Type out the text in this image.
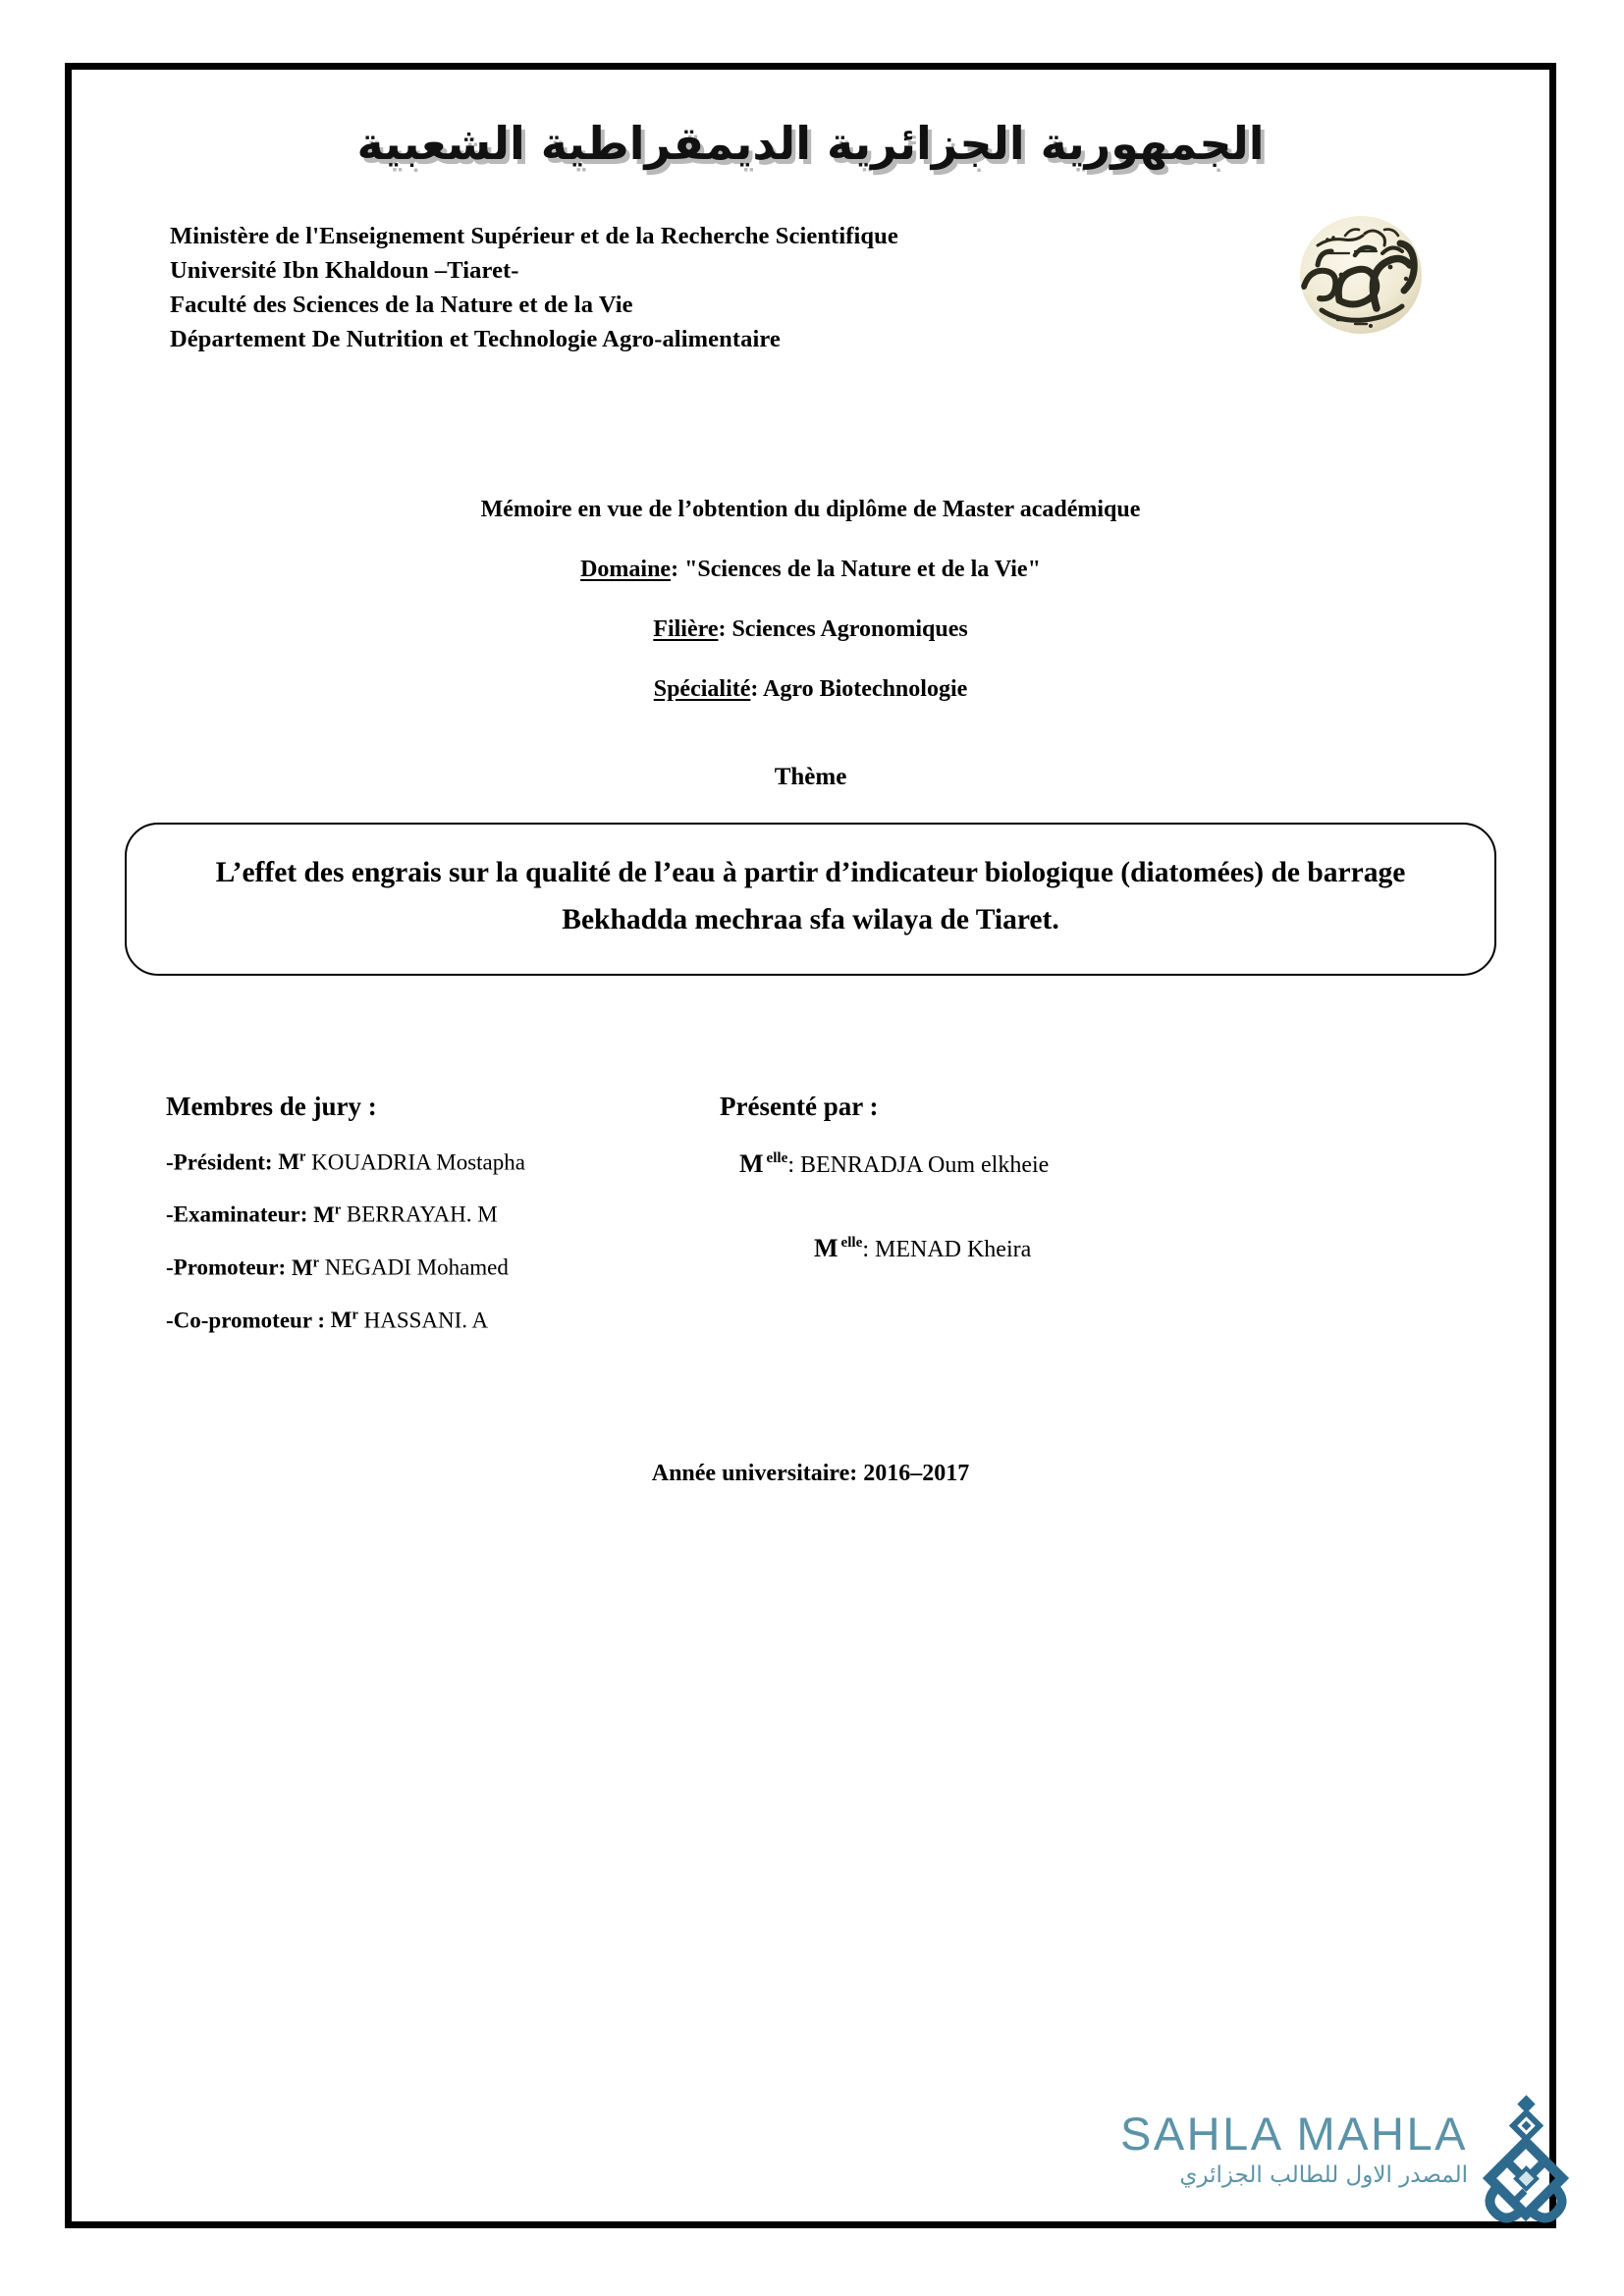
الجمهورية الجزائرية الديمقراطية الشعبية
Ministère de l'Enseignement Supérieur et de la Recherche Scientifique
Université Ibn Khaldoun –Tiaret-
Faculté des Sciences de la Nature et de la Vie
Département De Nutrition et Technologie Agro-alimentaire
Mémoire en vue de l’obtention du diplôme de Master académique
Domaine: "Sciences de la Nature et de la Vie"
Filière: Sciences Agronomiques
Spécialité: Agro Biotechnologie
Thème
L’effet des engrais sur la qualité de l’eau à partir d’indicateur biologique (diatomées) de barrage Bekhadda mechraa sfa wilaya de Tiaret.
Membres de jury :
-Président: $M^r$ KOUADRIA Mostapha
-Examinateur: $M^r$ BERRAYAH. M
-Promoteur: $M^r$ NEGADI Mohamed
-Co-promoteur : $M^r$ HASSANI. A
Présenté par :
M $^{elle}$: BENRADJA Oum elkheie
M $^{elle}$: MENAD Kheira
Année universitaire: 2016–2017
SAHLA MAHLA
المصدر الاول للطالب الجزائري
